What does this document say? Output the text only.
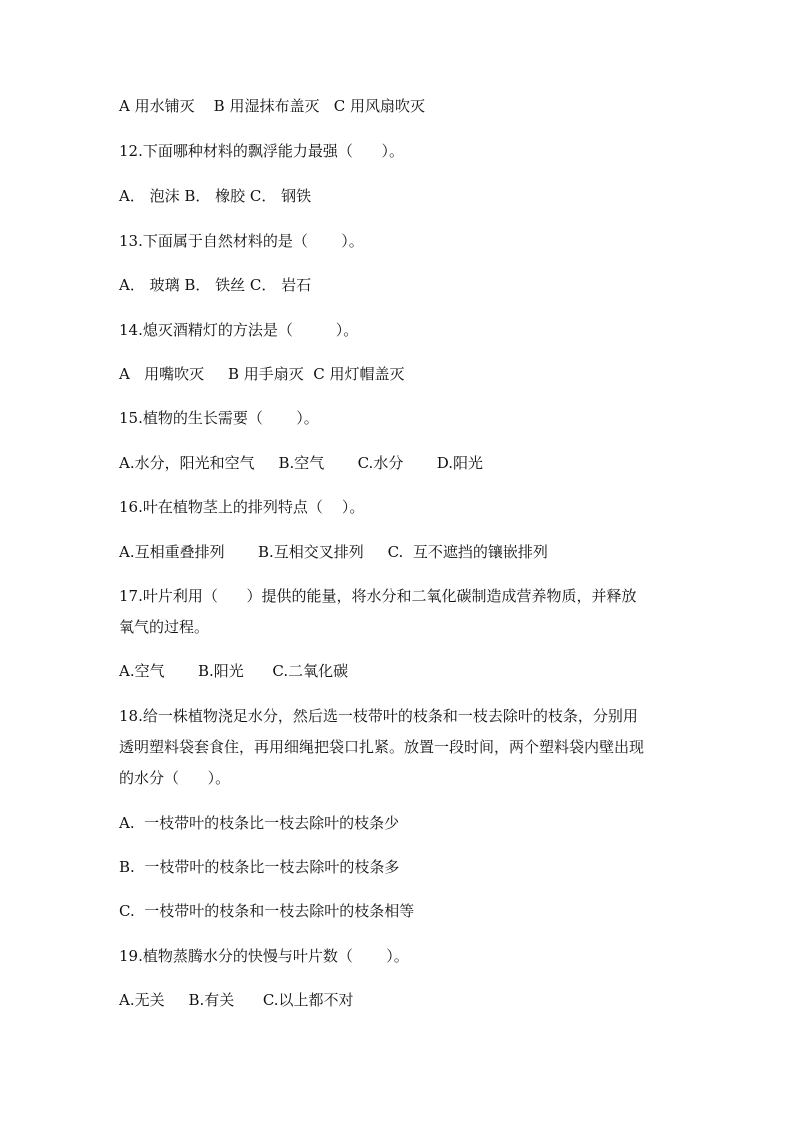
A 用水铺灭    B 用湿抹布盖灭   C 用风扇吹灭
12.下面哪种材料的飘浮能力最强（      ）。
A． 泡沫 B． 橡胶 C． 钢铁
13.下面属于自然材料的是（       ）。
A． 玻璃 B． 铁丝 C． 岩石
14.熄灭酒精灯的方法是（         ）。
A   用嘴吹灭     B 用手扇灭  C 用灯帽盖灭
15.植物的生长需要（       ）。
A.水分，阳光和空气     B.空气       C.水分       D.阳光
16.叶在植物茎上的排列特点（    ）。
A.互相重叠排列       B.互相交叉排列     C.  互不遮挡的镶嵌排列
17.叶片利用（      ）提供的能量，将水分和二氧化碳制造成营养物质，并释放
氧气的过程。
A.空气       B.阳光      C.二氧化碳
18.给一株植物浇足水分，然后选一枝带叶的枝条和一枝去除叶的枝条，分别用
透明塑料袋套食住，再用细绳把袋口扎紧。放置一段时间，两个塑料袋内壁出现
的水分（      ）。
A.  一枝带叶的枝条比一枝去除叶的枝条少
B.  一枝带叶的枝条比一枝去除叶的枝条多
C.  一枝带叶的枝条和一枝去除叶的枝条相等
19.植物蒸腾水分的快慢与叶片数（       ）。
A.无关     B.有关      C.以上都不对
